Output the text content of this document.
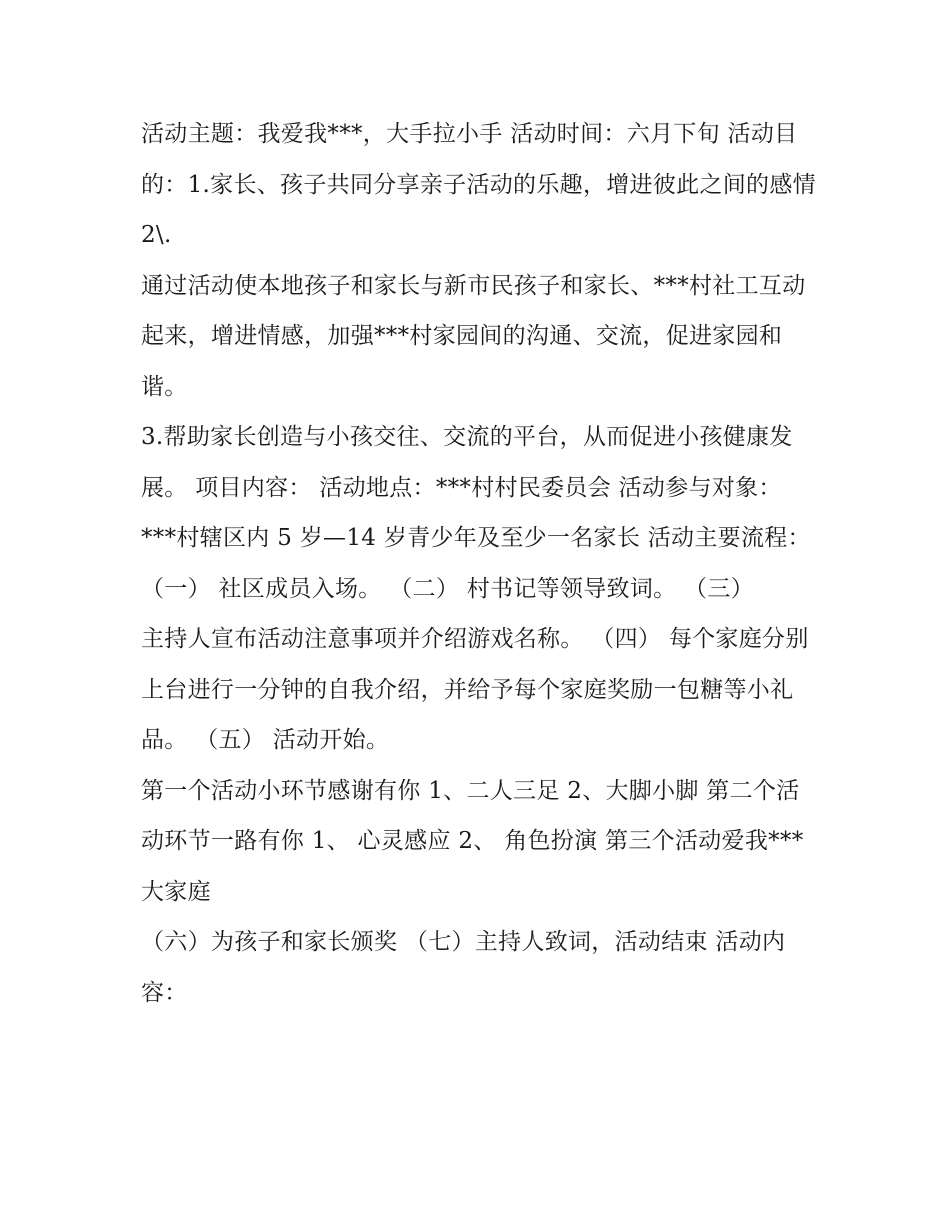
活动主题：我爱我***，大手拉小手 活动时间：六月下旬 活动目的：1.家长、孩子共同分享亲子活动的乐趣，增进彼此之间的感情 2\.

通过活动使本地孩子和家长与新市民孩子和家长、***村社工互动起来，增进情感，加强***村家园间的沟通、交流，促进家园和谐。

3.帮助家长创造与小孩交往、交流的平台，从而促进小孩健康发展。 项目内容： 活动地点：***村村民委员会 活动参与对象：

***村辖区内 5 岁—14 岁青少年及至少一名家长 活动主要流程： （一） 社区成员入场。 （二） 村书记等领导致词。 （三）

主持人宣布活动注意事项并介绍游戏名称。 （四） 每个家庭分别上台进行一分钟的自我介绍，并给予每个家庭奖励一包糖等小礼品。 （五） 活动开始。

第一个活动小环节感谢有你 1、二人三足 2、大脚小脚 第二个活动环节一路有你 1、 心灵感应 2、 角色扮演 第三个活动爱我***大家庭

（六）为孩子和家长颁奖 （七）主持人致词，活动结束 活动内容：
